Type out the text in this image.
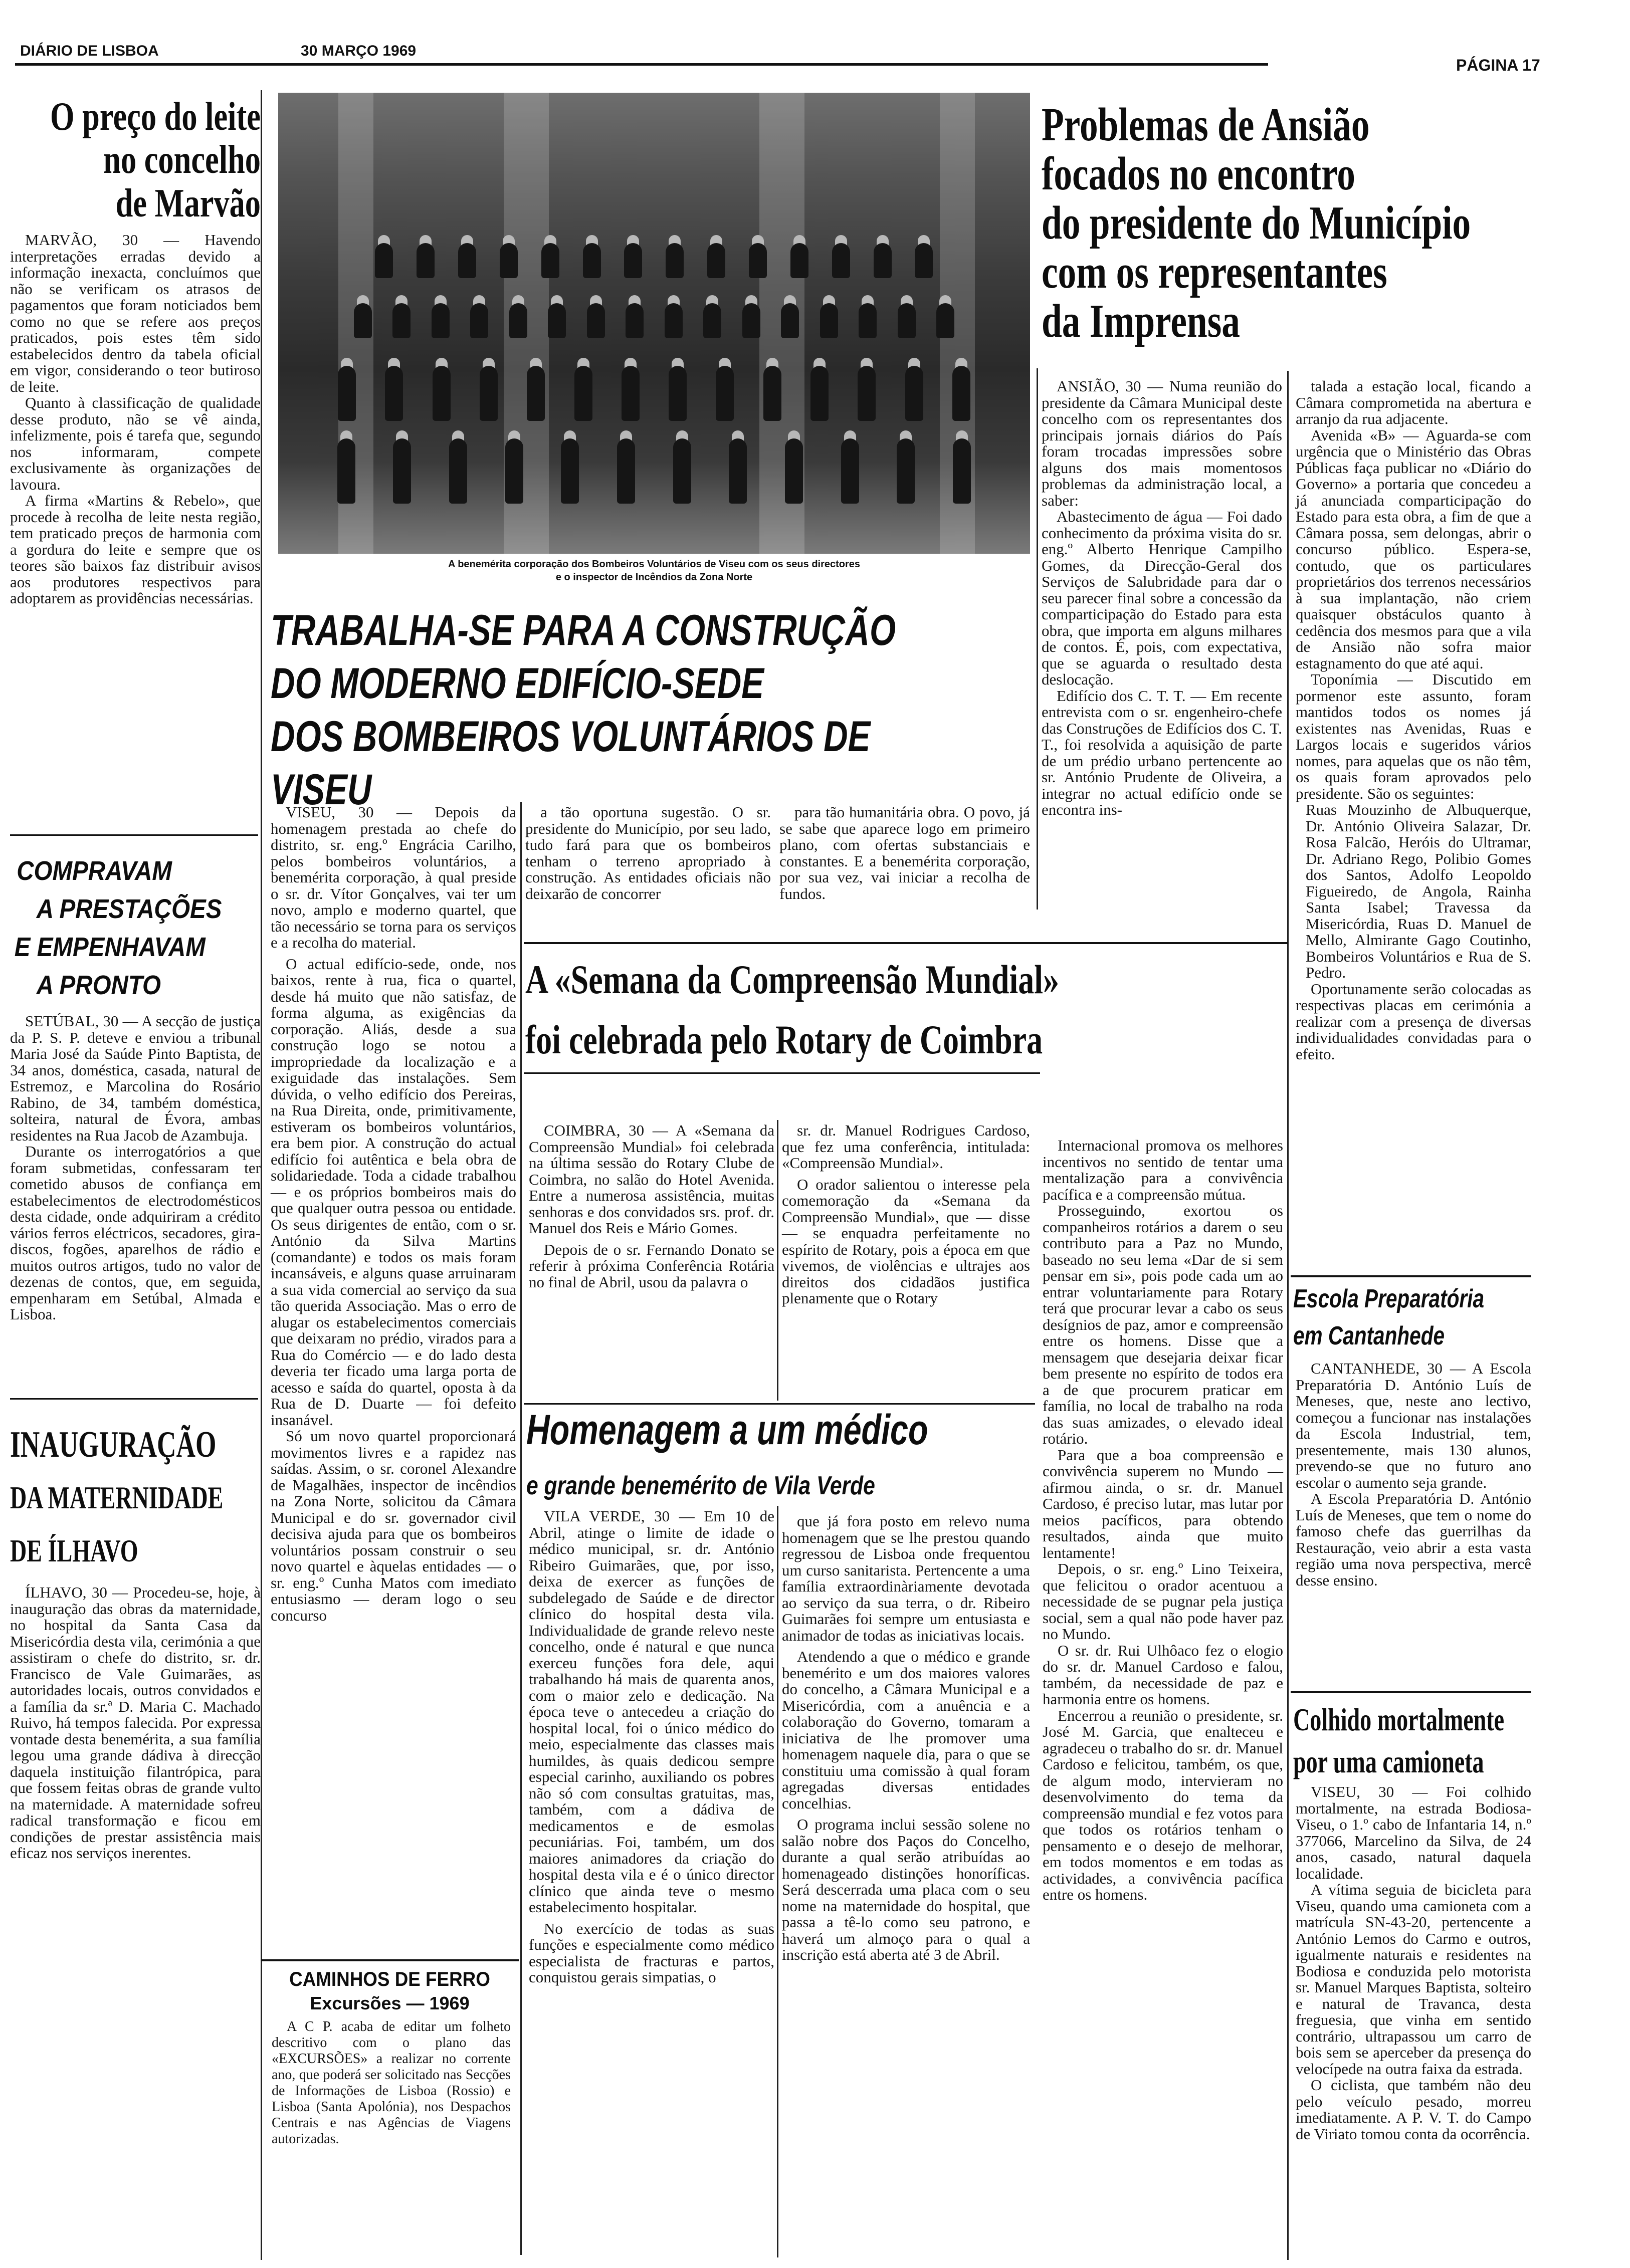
DIÁRIO DE LISBOA	30 MARÇO 1969
PÁGINA 17
O preço do leite
no concelho
de Marvão

MARVÃO, 30 — Havendo interpretações erradas devido a informação inexacta, concluímos que não se verificam os atrasos de pagamentos que foram noticiados bem como no que se refere aos preços praticados, pois estes têm sido estabelecidos dentro da tabela oficial em vigor, considerando o teor butiroso de leite.

Quanto à classificação de qualidade desse produto, não se vê ainda, infelizmente, pois é tarefa que, segundo nos informaram, compete exclusivamente às organizações de lavoura.

A firma «Martins & Rebelo», que procede à recolha de leite nesta região, tem praticado preços de harmonia com a gordura do leite e sempre que os teores são baixos faz distribuir avisos aos produtores respectivos para adoptarem as providências necessárias.

COMPRAVAM
A PRESTAÇÕES
E EMPENHAVAM
A PRONTO

SETÚBAL, 30 — A secção de justiça da P. S. P. deteve e enviou a tribunal Maria José da Saúde Pinto Baptista, de 34 anos, doméstica, casada, natural de Estremoz, e Marcolina do Rosário Rabino, de 34, também doméstica, solteira, natural de Évora, ambas residentes na Rua Jacob de Azambuja.

Durante os interrogatórios a que foram submetidas, confessaram ter cometido abusos de confiança em estabelecimentos de electrodomésticos desta cidade, onde adquiriram a crédito vários ferros eléctricos, secadores, gira-discos, fogões, aparelhos de rádio e muitos outros artigos, tudo no valor de dezenas de contos, que, em seguida, empenharam em Setúbal, Almada e Lisboa.

INAUGURAÇÃO
DA MATERNIDADE
DE ÍLHAVO

ÍLHAVO, 30 — Procedeu-se, hoje, à inauguração das obras da maternidade, no hospital da Santa Casa da Misericórdia desta vila, cerimónia a que assistiram o chefe do distrito, sr. dr. Francisco de Vale Guimarães, as autoridades locais, outros convidados e a família da sr.ª D. Maria C. Machado Ruivo, há tempos falecida. Por expressa vontade desta benemérita, a sua família legou uma grande dádiva à direcção daquela instituição filantrópica, para que fossem feitas obras de grande vulto na maternidade. A maternidade sofreu radical transformação e ficou em condições de prestar assistência mais eficaz nos serviços inerentes.

A benemérita corporação dos Bombeiros Voluntários de Viseu com os seus directores
e o inspector de Incêndios da Zona Norte
TRABALHA-SE PARA A CONSTRUÇÃO
DO MODERNO EDIFÍCIO-SEDE
DOS BOMBEIROS VOLUNTÁRIOS DE VISEU

VISEU, 30 — Depois da homenagem prestada ao chefe do distrito, sr. eng.º Engrácia Carilho, pelos bombeiros voluntários, a benemérita corporação, à qual preside o sr. dr. Vítor Gonçalves, vai ter um novo, amplo e moderno quartel, que tão necessário se torna para os serviços e a recolha do material.

O actual edifício-sede, onde, nos baixos, rente à rua, fica o quartel, desde há muito que não satisfaz, de forma alguma, as exigências da corporação. Aliás, desde a sua construção logo se notou a impropriedade da localização e a exiguidade das instalações. Sem dúvida, o velho edifício dos Pereiras, na Rua Direita, onde, primitivamente, estiveram os bombeiros voluntários, era bem pior. A construção do actual edifício foi autêntica e bela obra de solidariedade. Toda a cidade trabalhou — e os próprios bombeiros mais do que qualquer outra pessoa ou entidade. Os seus dirigentes de então, com o sr. António da Silva Martins (comandante) e todos os mais foram incansáveis, e alguns quase arruinaram a sua vida comercial ao serviço da sua tão querida Associação. Mas o erro de alugar os estabelecimentos comerciais que deixaram no prédio, virados para a Rua do Comércio — e do lado desta deveria ter ficado uma larga porta de acesso e saída do quartel, oposta à da Rua de D. Duarte — foi defeito insanável.

Só um novo quartel proporcionará movimentos livres e a rapidez nas saídas. Assim, o sr. coronel Alexandre de Magalhães, inspector de incêndios na Zona Norte, solicitou da Câmara Municipal e do sr. governador civil decisiva ajuda para que os bombeiros voluntários possam construir o seu novo quartel e àquelas entidades — o sr. eng.º Cunha Matos com imediato entusiasmo — deram logo o seu concurso

a tão oportuna sugestão. O sr. presidente do Município, por seu lado, tudo fará para que os bombeiros tenham o terreno apropriado à construção. As entidades oficiais não deixarão de concorrer

para tão humanitária obra. O povo, já se sabe que aparece logo em primeiro plano, com ofertas substanciais e constantes. E a benemérita corporação, por sua vez, vai iniciar a recolha de fundos.

CAMINHOS DE FERRO
Excursões — 1969

A C P. acaba de editar um folheto descritivo com o plano das «EXCURSÕES» a realizar no corrente ano, que poderá ser solicitado nas Secções de Informações de Lisboa (Rossio) e Lisboa (Santa Apolónia), nos Despachos Centrais e nas Agências de Viagens autorizadas.

A «Semana da Compreensão Mundial»
foi celebrada pelo Rotary de Coimbra

COIMBRA, 30 — A «Semana da Compreensão Mundial» foi celebrada na última sessão do Rotary Clube de Coimbra, no salão do Hotel Avenida. Entre a numerosa assistência, muitas senhoras e dos convidados srs. prof. dr. Manuel dos Reis e Mário Gomes.

Depois de o sr. Fernando Donato se referir à próxima Conferência Rotária no final de Abril, usou da palavra o

sr. dr. Manuel Rodrigues Cardoso, que fez uma conferência, intitulada: «Compreensão Mundial».

O orador salientou o interesse pela comemoração da «Semana da Compreensão Mundial», que — disse — se enquadra perfeitamente no espírito de Rotary, pois a época em que vivemos, de violências e ultrajes aos direitos dos cidadãos justifica plenamente que o Rotary

Internacional promova os melhores incentivos no sentido de tentar uma mentalização para a convivência pacífica e a compreensão mútua.

Prosseguindo, exortou os companheiros rotários a darem o seu contributo para a Paz no Mundo, baseado no seu lema «Dar de si sem pensar em si», pois pode cada um ao entrar voluntariamente para Rotary terá que procurar levar a cabo os seus desígnios de paz, amor e compreensão entre os homens. Disse que a mensagem que desejaria deixar ficar bem presente no espírito de todos era a de que procurem praticar em família, no local de trabalho na roda das suas amizades, o elevado ideal rotário.

Para que a boa compreensão e convivência superem no Mundo — afirmou ainda, o sr. dr. Manuel Cardoso, é preciso lutar, mas lutar por meios pacíficos, para obtendo resultados, ainda que muito lentamente!

Depois, o sr. eng.º Lino Teixeira, que felicitou o orador acentuou a necessidade de se pugnar pela justiça social, sem a qual não pode haver paz no Mundo.

O sr. dr. Rui Ulhôaco fez o elogio do sr. dr. Manuel Cardoso e falou, também, da necessidade de paz e harmonia entre os homens.

Encerrou a reunião o presidente, sr. José M. Garcia, que enalteceu e agradeceu o trabalho do sr. dr. Manuel Cardoso e felicitou, também, os que, de algum modo, intervieram no desenvolvimento do tema da compreensão mundial e fez votos para que todos os rotários tenham o pensamento e o desejo de melhorar, em todos momentos e em todas as actividades, a convivência pacífica entre os homens.

Homenagem a um médico
e grande benemérito de Vila Verde

VILA VERDE, 30 — Em 10 de Abril, atinge o limite de idade o médico municipal, sr. dr. António Ribeiro Guimarães, que, por isso, deixa de exercer as funções de subdelegado de Saúde e de director clínico do hospital desta vila. Individualidade de grande relevo neste concelho, onde é natural e que nunca exerceu funções fora dele, aqui trabalhando há mais de quarenta anos, com o maior zelo e dedicação. Na época teve o antecedeu a criação do hospital local, foi o único médico do meio, especialmente das classes mais humildes, às quais dedicou sempre especial carinho, auxiliando os pobres não só com consultas gratuitas, mas, também, com a dádiva de medicamentos e de esmolas pecuniárias. Foi, também, um dos maiores animadores da criação do hospital desta vila e é o único director clínico que ainda teve o mesmo estabelecimento hospitalar.

No exercício de todas as suas funções e especialmente como médico especialista de fracturas e partos, conquistou gerais simpatias, o

que já fora posto em relevo numa homenagem que se lhe prestou quando regressou de Lisboa onde frequentou um curso sanitarista. Pertencente a uma família extraordinàriamente devotada ao serviço da sua terra, o dr. Ribeiro Guimarães foi sempre um entusiasta e animador de todas as iniciativas locais.

Atendendo a que o médico e grande benemérito e um dos maiores valores do concelho, a Câmara Municipal e a Misericórdia, com a anuência e a colaboração do Governo, tomaram a iniciativa de lhe promover uma homenagem naquele dia, para o que se constituiu uma comissão à qual foram agregadas diversas entidades concelhias.

O programa inclui sessão solene no salão nobre dos Paços do Concelho, durante a qual serão atribuídas ao homenageado distinções honoríficas. Será descerrada uma placa com o seu nome na maternidade do hospital, que passa a tê-lo como seu patrono, e haverá um almoço para o qual a inscrição está aberta até 3 de Abril.

Problemas de Ansião
focados no encontro
do presidente do Município
com os representantes
da Imprensa

ANSIÃO, 30 — Numa reunião do presidente da Câmara Municipal deste concelho com os representantes dos principais jornais diários do País foram trocadas impressões sobre alguns dos mais momentosos problemas da administração local, a saber:

Abastecimento de água — Foi dado conhecimento da próxima visita do sr. eng.º Alberto Henrique Campilho Gomes, da Direcção-Geral dos Serviços de Salubridade para dar o seu parecer final sobre a concessão da comparticipação do Estado para esta obra, que importa em alguns milhares de contos. É, pois, com expectativa, que se aguarda o resultado desta deslocação.

Edifício dos C. T. T. — Em recente entrevista com o sr. engenheiro-chefe das Construções de Edifícios dos C. T. T., foi resolvida a aquisição de parte de um prédio urbano pertencente ao sr. António Prudente de Oliveira, a integrar no actual edifício onde se encontra ins-

talada a estação local, ficando a Câmara comprometida na abertura e arranjo da rua adjacente.

Avenida «B» — Aguarda-se com urgência que o Ministério das Obras Públicas faça publicar no «Diário do Governo» a portaria que concedeu a já anunciada comparticipação do Estado para esta obra, a fim de que a Câmara possa, sem delongas, abrir o concurso público. Espera-se, contudo, que os particulares proprietários dos terrenos necessários à sua implantação, não criem quaisquer obstáculos quanto à cedência dos mesmos para que a vila de Ansião não sofra maior estagnamento do que até aqui.

Toponímia — Discutido em pormenor este assunto, foram mantidos todos os nomes já existentes nas Avenidas, Ruas e Largos locais e sugeridos vários nomes, para aquelas que os não têm, os quais foram aprovados pelo presidente. São os seguintes:

Ruas Mouzinho de Albuquerque, Dr. António Oliveira Salazar, Dr. Rosa Falcão, Heróis do Ultramar, Dr. Adriano Rego, Polibio Gomes dos Santos, Adolfo Leopoldo Figueiredo, de Angola, Rainha Santa Isabel; Travessa da Misericórdia, Ruas D. Manuel de Mello, Almirante Gago Coutinho, Bombeiros Voluntários e Rua de S. Pedro.

Oportunamente serão colocadas as respectivas placas em cerimónia a realizar com a presença de diversas individualidades convidadas para o efeito.

Escola Preparatória
em Cantanhede

CANTANHEDE, 30 — A Escola Preparatória D. António Luís de Meneses, que, neste ano lectivo, começou a funcionar nas instalações da Escola Industrial, tem, presentemente, mais 130 alunos, prevendo-se que no futuro ano escolar o aumento seja grande.

A Escola Preparatória D. António Luís de Meneses, que tem o nome do famoso chefe das guerrilhas da Restauração, veio abrir a esta vasta região uma nova perspectiva, mercê desse ensino.

Colhido mortalmente
por uma camioneta

VISEU, 30 — Foi colhido mortalmente, na estrada Bodiosa-Viseu, o 1.º cabo de Infantaria 14, n.º 377066, Marcelino da Silva, de 24 anos, casado, natural daquela localidade.

A vítima seguia de bicicleta para Viseu, quando uma camioneta com a matrícula SN-43-20, pertencente a António Lemos do Carmo e outros, igualmente naturais e residentes na Bodiosa e conduzida pelo motorista sr. Manuel Marques Baptista, solteiro e natural de Travanca, desta freguesia, que vinha em sentido contrário, ultrapassou um carro de bois sem se aperceber da presença do velocípede na outra faixa da estrada.

O ciclista, que também não deu pelo veículo pesado, morreu imediatamente. A P. V. T. do Campo de Viriato tomou conta da ocorrência.
